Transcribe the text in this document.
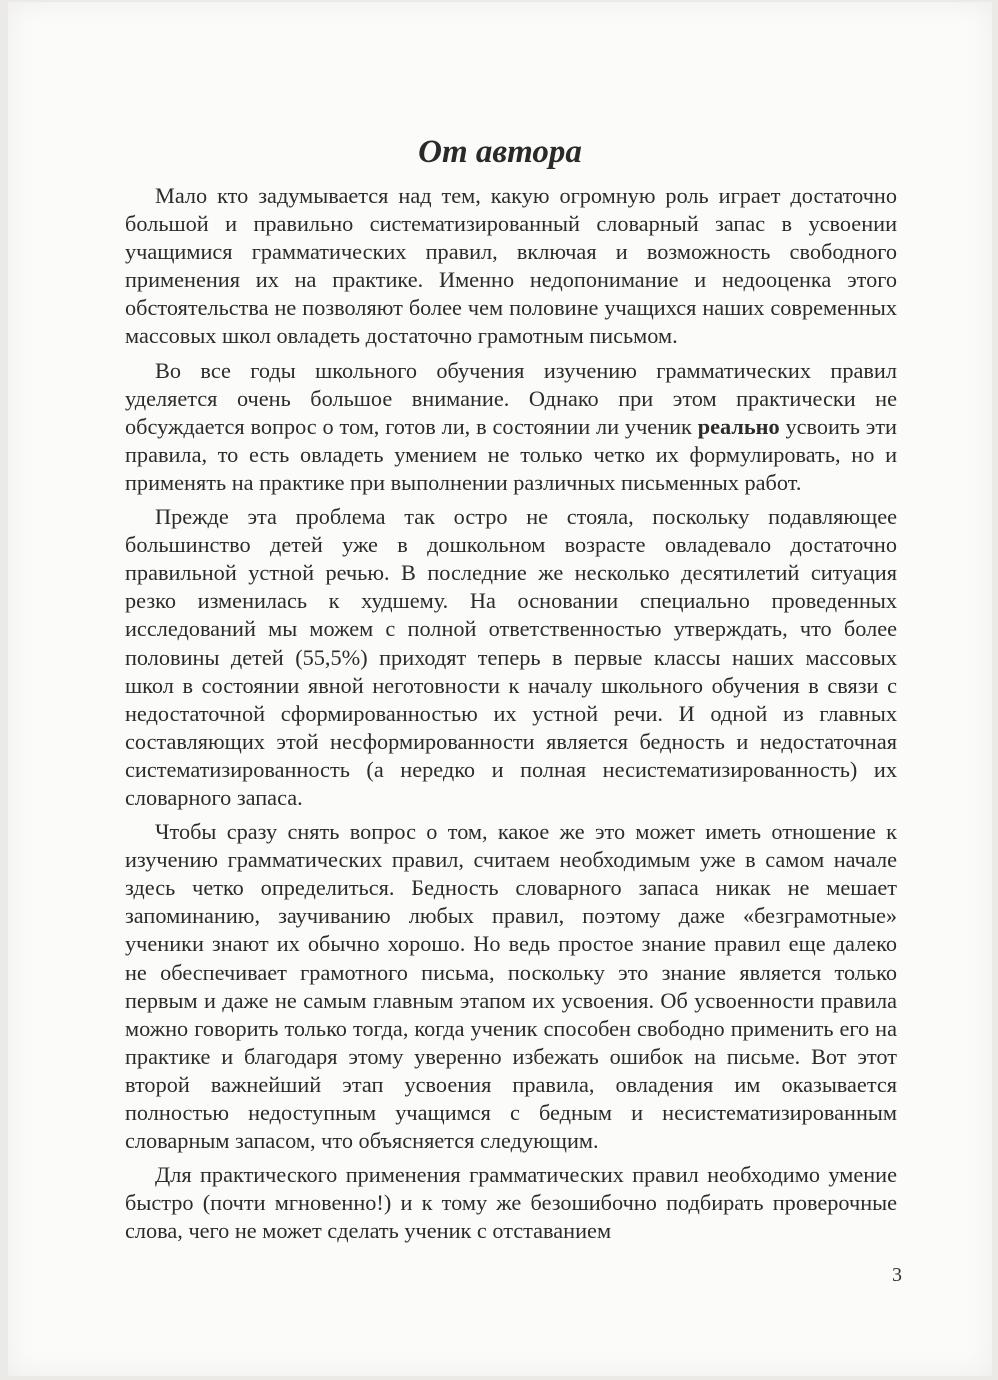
От автора

Мало кто задумывается над тем, какую огромную роль играет достаточно большой и правильно систематизированный словарный запас в усвоении учащимися грамматических правил, включая и возможность свободного применения их на практике. Именно недопонимание и недооценка этого обстоятельства не позволяют более чем половине учащихся наших современных массовых школ овладеть достаточно грамотным письмом.

Во все годы школьного обучения изучению грамматических правил уделяется очень большое внимание. Однако при этом практически не обсуждается вопрос о том, готов ли, в состоянии ли ученик реально усвоить эти правила, то есть овладеть умением не только четко их формулировать, но и применять на практике при выполнении различных письменных работ.

Прежде эта проблема так остро не стояла, поскольку подавляющее большинство детей уже в дошкольном возрасте овладевало достаточно правильной устной речью. В последние же несколько десятилетий ситуация резко изменилась к худшему. На основании специально проведенных исследований мы можем с полной ответственностью утверждать, что более половины детей (55,5%) приходят теперь в первые классы наших массовых школ в состоянии явной неготовности к началу школьного обучения в связи с недостаточной сформированностью их устной речи. И одной из главных составляющих этой несформированности является бедность и недостаточная систематизированность (а нередко и полная несистематизированность) их словарного запаса.

Чтобы сразу снять вопрос о том, какое же это может иметь отношение к изучению грамматических правил, считаем необходимым уже в самом начале здесь четко определиться. Бедность словарного запаса никак не мешает запоминанию, заучиванию любых правил, поэтому даже «безграмотные» ученики знают их обычно хорошо. Но ведь простое знание правил еще далеко не обеспечивает грамотного письма, поскольку это знание является только первым и даже не самым главным этапом их усвоения. Об усвоенности правила можно говорить только тогда, когда ученик способен свободно применить его на практике и благодаря этому уверенно избежать ошибок на письме. Вот этот второй важнейший этап усвоения правила, овладения им оказывается полностью недоступным учащимся с бедным и несистематизированным словарным запасом, что объясняется следующим.

Для практического применения грамматических правил необходимо умение быстро (почти мгновенно!) и к тому же безошибочно подбирать проверочные слова, чего не может сделать ученик с отставанием

3
